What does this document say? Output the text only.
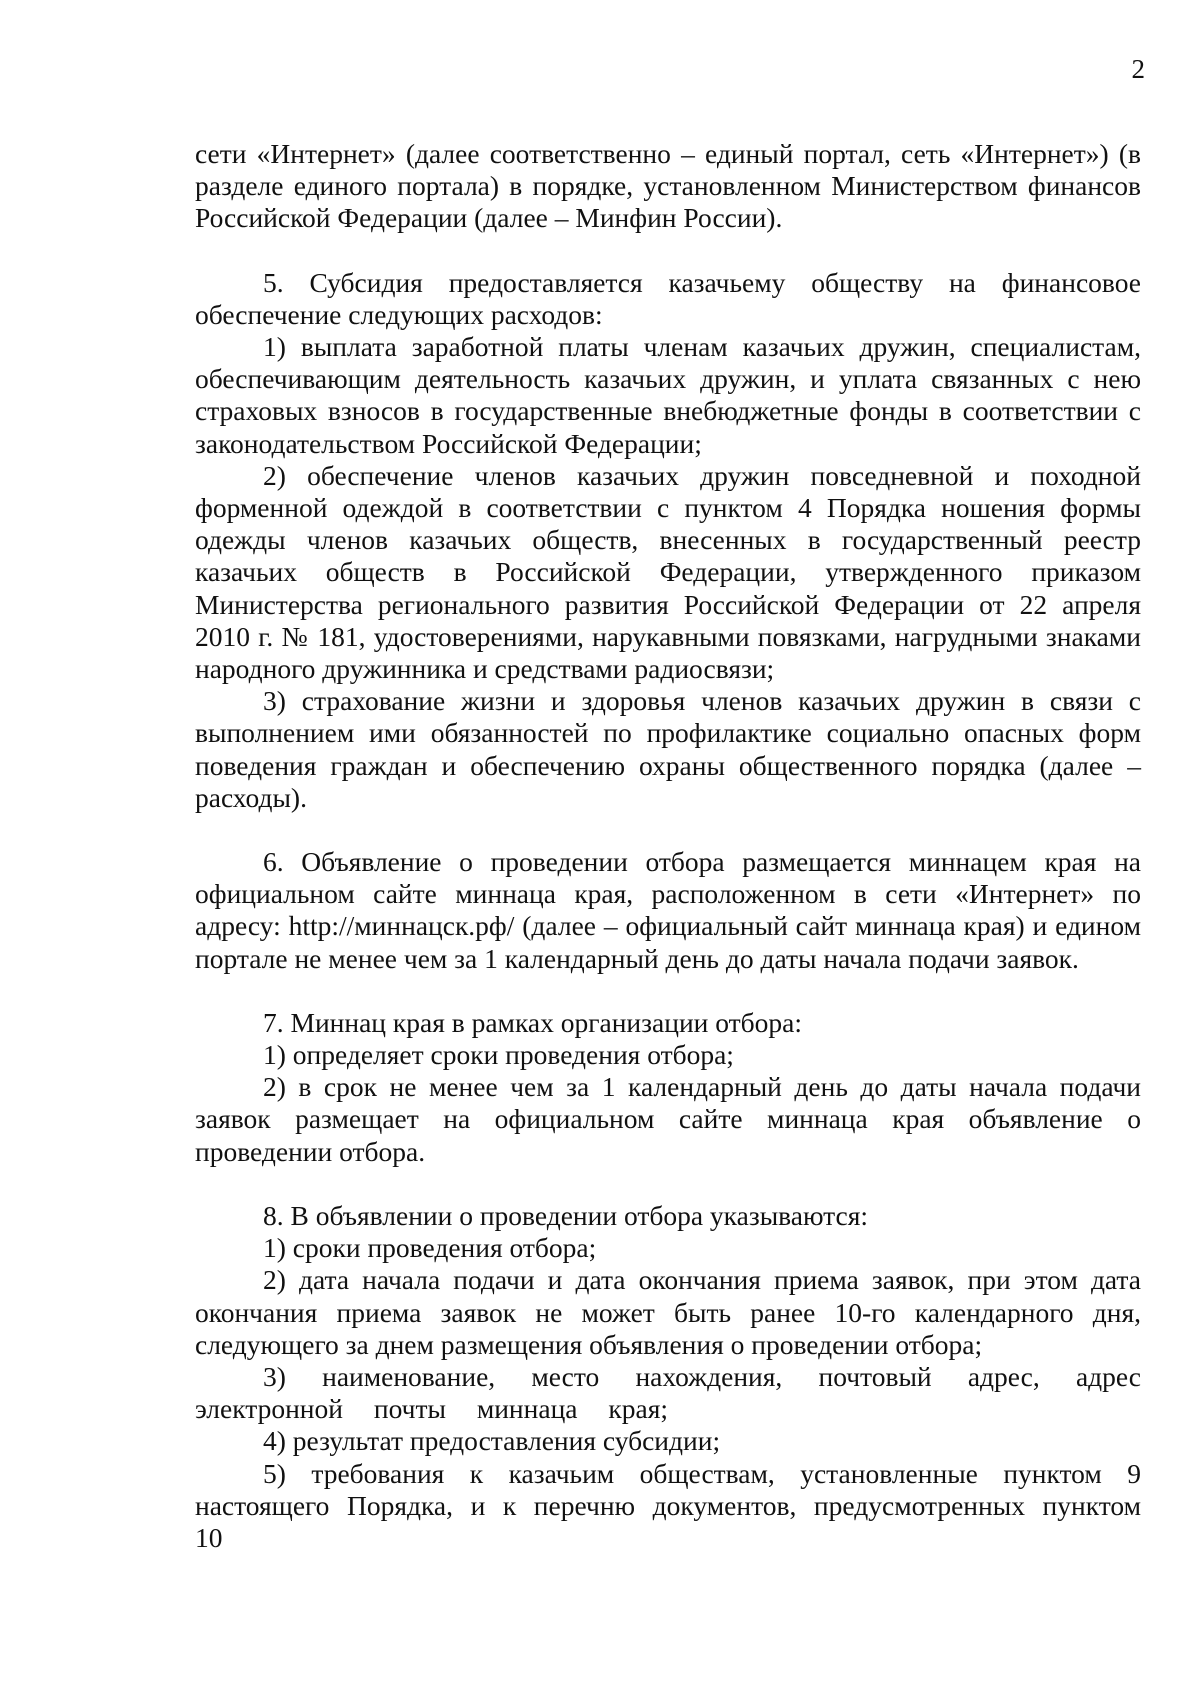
2

сети «Интернет» (далее соответственно – единый портал, сеть «Интернет») (в разделе единого портала) в порядке, установленном Министерством финансов Российской Федерации (далее – Минфин России).

5. Субсидия предоставляется казачьему обществу на финансовое обеспечение следующих расходов:

1) выплата заработной платы членам казачьих дружин, специалистам, обеспечивающим деятельность казачьих дружин, и уплата связанных с нею страховых взносов в государственные внебюджетные фонды в соответствии с законодательством Российской Федерации;

2) обеспечение членов казачьих дружин повседневной и походной форменной одеждой в соответствии с пунктом 4 Порядка ношения формы одежды членов казачьих обществ, внесенных в государственный реестр казачьих обществ в Российской Федерации, утвержденного приказом Министерства регионального развития Российской Федерации от 22 апреля 2010 г. № 181, удостоверениями, нарукавными повязками, нагрудными знаками народного дружинника и средствами радиосвязи;

3) страхование жизни и здоровья членов казачьих дружин в связи с выполнением ими обязанностей по профилактике социально опасных форм поведения граждан и обеспечению охраны общественного порядка (далее – расходы).

6. Объявление о проведении отбора размещается миннацем края на официальном сайте миннаца края, расположенном в сети «Интернет» по адресу: http://миннацск.рф/ (далее – официальный сайт миннаца края) и едином портале не менее чем за 1 календарный день до даты начала подачи заявок.

7. Миннац края в рамках организации отбора:

1) определяет сроки проведения отбора;

2) в срок не менее чем за 1 календарный день до даты начала подачи заявок размещает на официальном сайте миннаца края объявление о проведении отбора.

8. В объявлении о проведении отбора указываются:

1) сроки проведения отбора;

2) дата начала подачи и дата окончания приема заявок, при этом дата окончания приема заявок не может быть ранее 10-го календарного дня, следующего за днем размещения объявления о проведении отбора;

3) наименование, место нахождения, почтовый адрес, адрес электронной почты миннаца края;

4) результат предоставления субсидии;

5) требования к казачьим обществам, установленные пунктом 9 настоящего Порядка, и к перечню документов, предусмотренных пунктом 10
